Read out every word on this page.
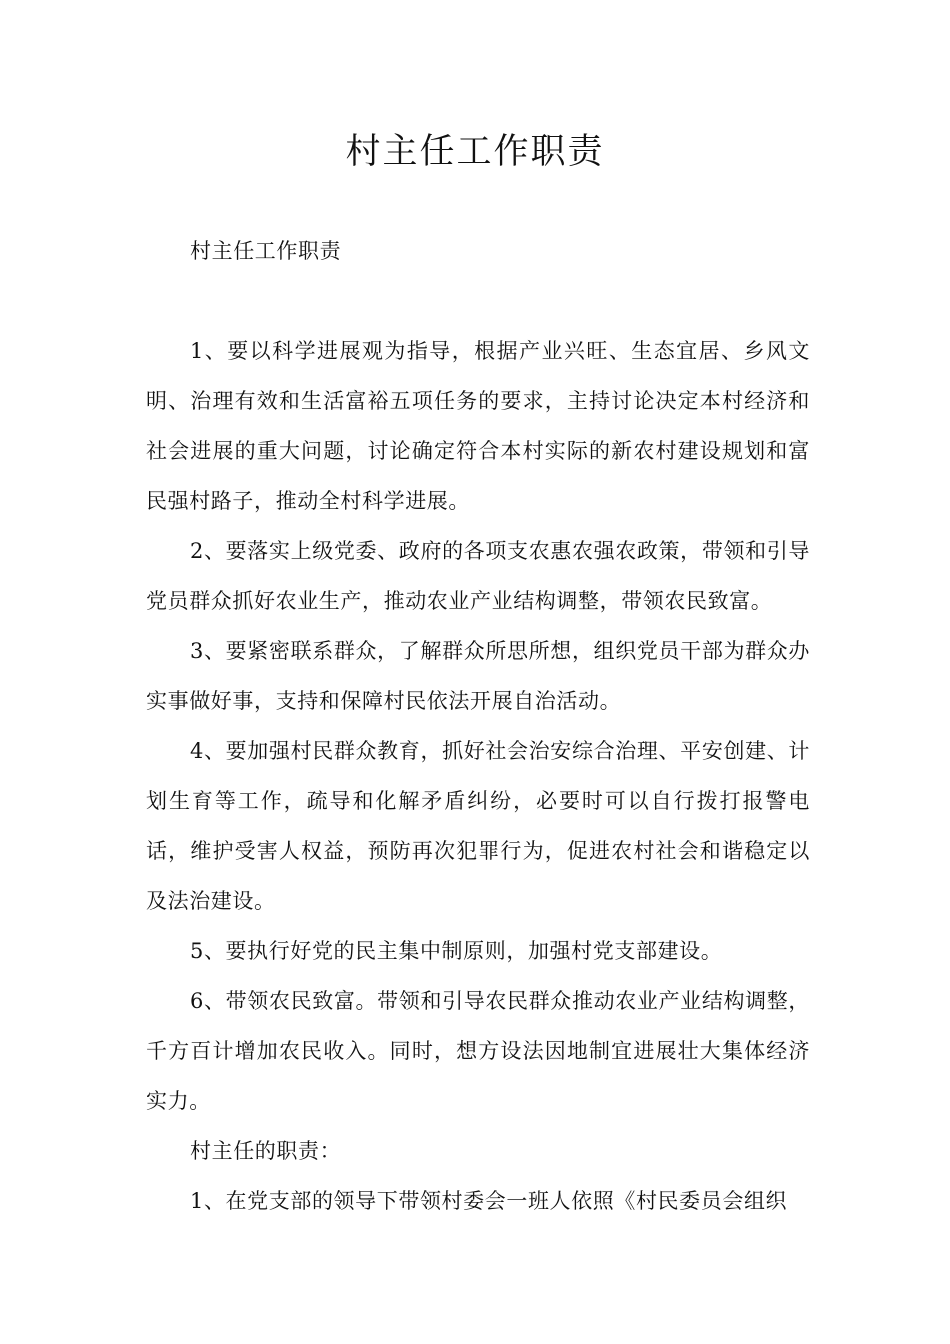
村主任工作职责

村主任工作职责

1、要以科学进展观为指导，根据产业兴旺、生态宜居、乡风文明、治理有效和生活富裕五项任务的要求，主持讨论决定本村经济和社会进展的重大问题，讨论确定符合本村实际的新农村建设规划和富民强村路子，推动全村科学进展。

2、要落实上级党委、政府的各项支农惠农强农政策，带领和引导党员群众抓好农业生产，推动农业产业结构调整，带领农民致富。

3、要紧密联系群众，了解群众所思所想，组织党员干部为群众办实事做好事，支持和保障村民依法开展自治活动。

4、要加强村民群众教育，抓好社会治安综合治理、平安创建、计划生育等工作，疏导和化解矛盾纠纷，必要时可以自行拨打报警电话，维护受害人权益，预防再次犯罪行为，促进农村社会和谐稳定以及法治建设。

5、要执行好党的民主集中制原则，加强村党支部建设。

6、带领农民致富。带领和引导农民群众推动农业产业结构调整，千方百计增加农民收入。同时，想方设法因地制宜进展壮大集体经济实力。

村主任的职责：

1、在党支部的领导下带领村委会一班人依照《村民委员会组织
